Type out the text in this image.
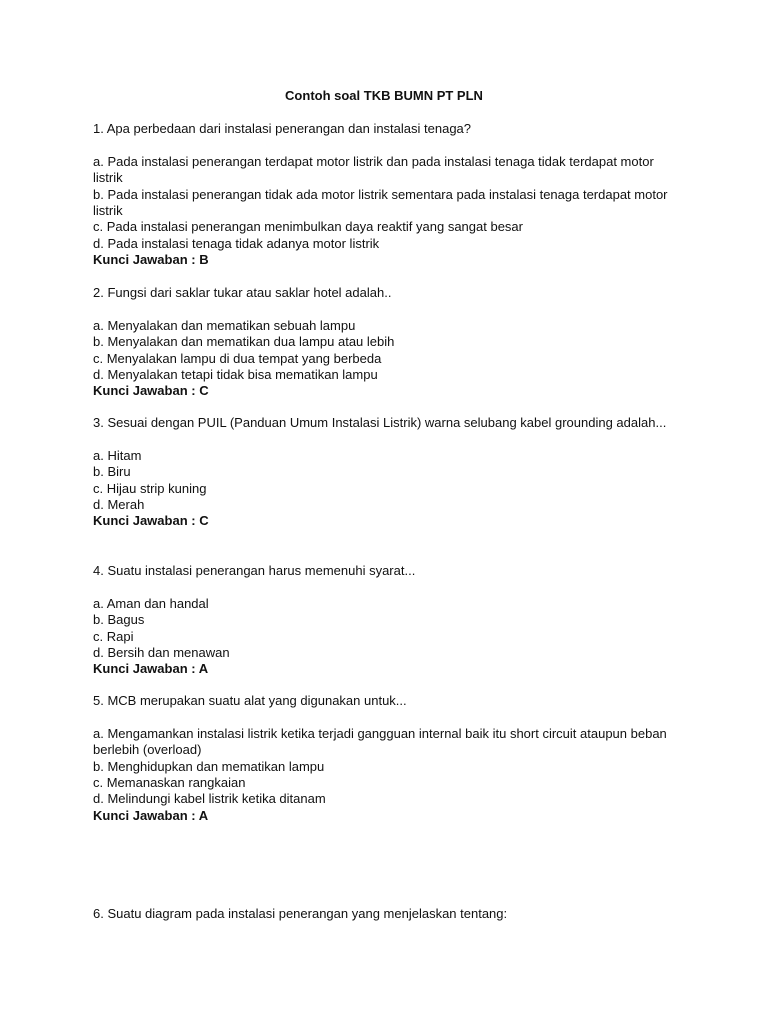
Contoh soal TKB BUMN PT PLN

1. Apa perbedaan dari instalasi penerangan dan instalasi tenaga?

a. Pada instalasi penerangan terdapat motor listrik dan pada instalasi tenaga tidak terdapat motor listrik

b. Pada instalasi penerangan tidak ada motor listrik sementara pada instalasi tenaga terdapat motor listrik

c. Pada instalasi penerangan menimbulkan daya reaktif yang sangat besar

d. Pada instalasi tenaga tidak adanya motor listrik

Kunci Jawaban : B

2. Fungsi dari saklar tukar atau saklar hotel adalah..

a. Menyalakan dan mematikan sebuah lampu

b. Menyalakan dan mematikan dua lampu atau lebih

c. Menyalakan lampu di dua tempat yang berbeda

d. Menyalakan tetapi tidak bisa mematikan lampu

Kunci Jawaban : C

3. Sesuai dengan PUIL (Panduan Umum Instalasi Listrik) warna selubang kabel grounding adalah...

a. Hitam

b. Biru

c. Hijau strip kuning

d. Merah

Kunci Jawaban : C

4. Suatu instalasi penerangan harus memenuhi syarat...

a. Aman dan handal

b. Bagus

c. Rapi

d. Bersih dan menawan

Kunci Jawaban : A

5. MCB merupakan suatu alat yang digunakan untuk...

a. Mengamankan instalasi listrik ketika terjadi gangguan internal baik itu short circuit ataupun beban berlebih (overload)

b. Menghidupkan dan mematikan lampu

c. Memanaskan rangkaian

d. Melindungi kabel listrik ketika ditanam

Kunci Jawaban : A

6. Suatu diagram pada instalasi penerangan yang menjelaskan tentang:
